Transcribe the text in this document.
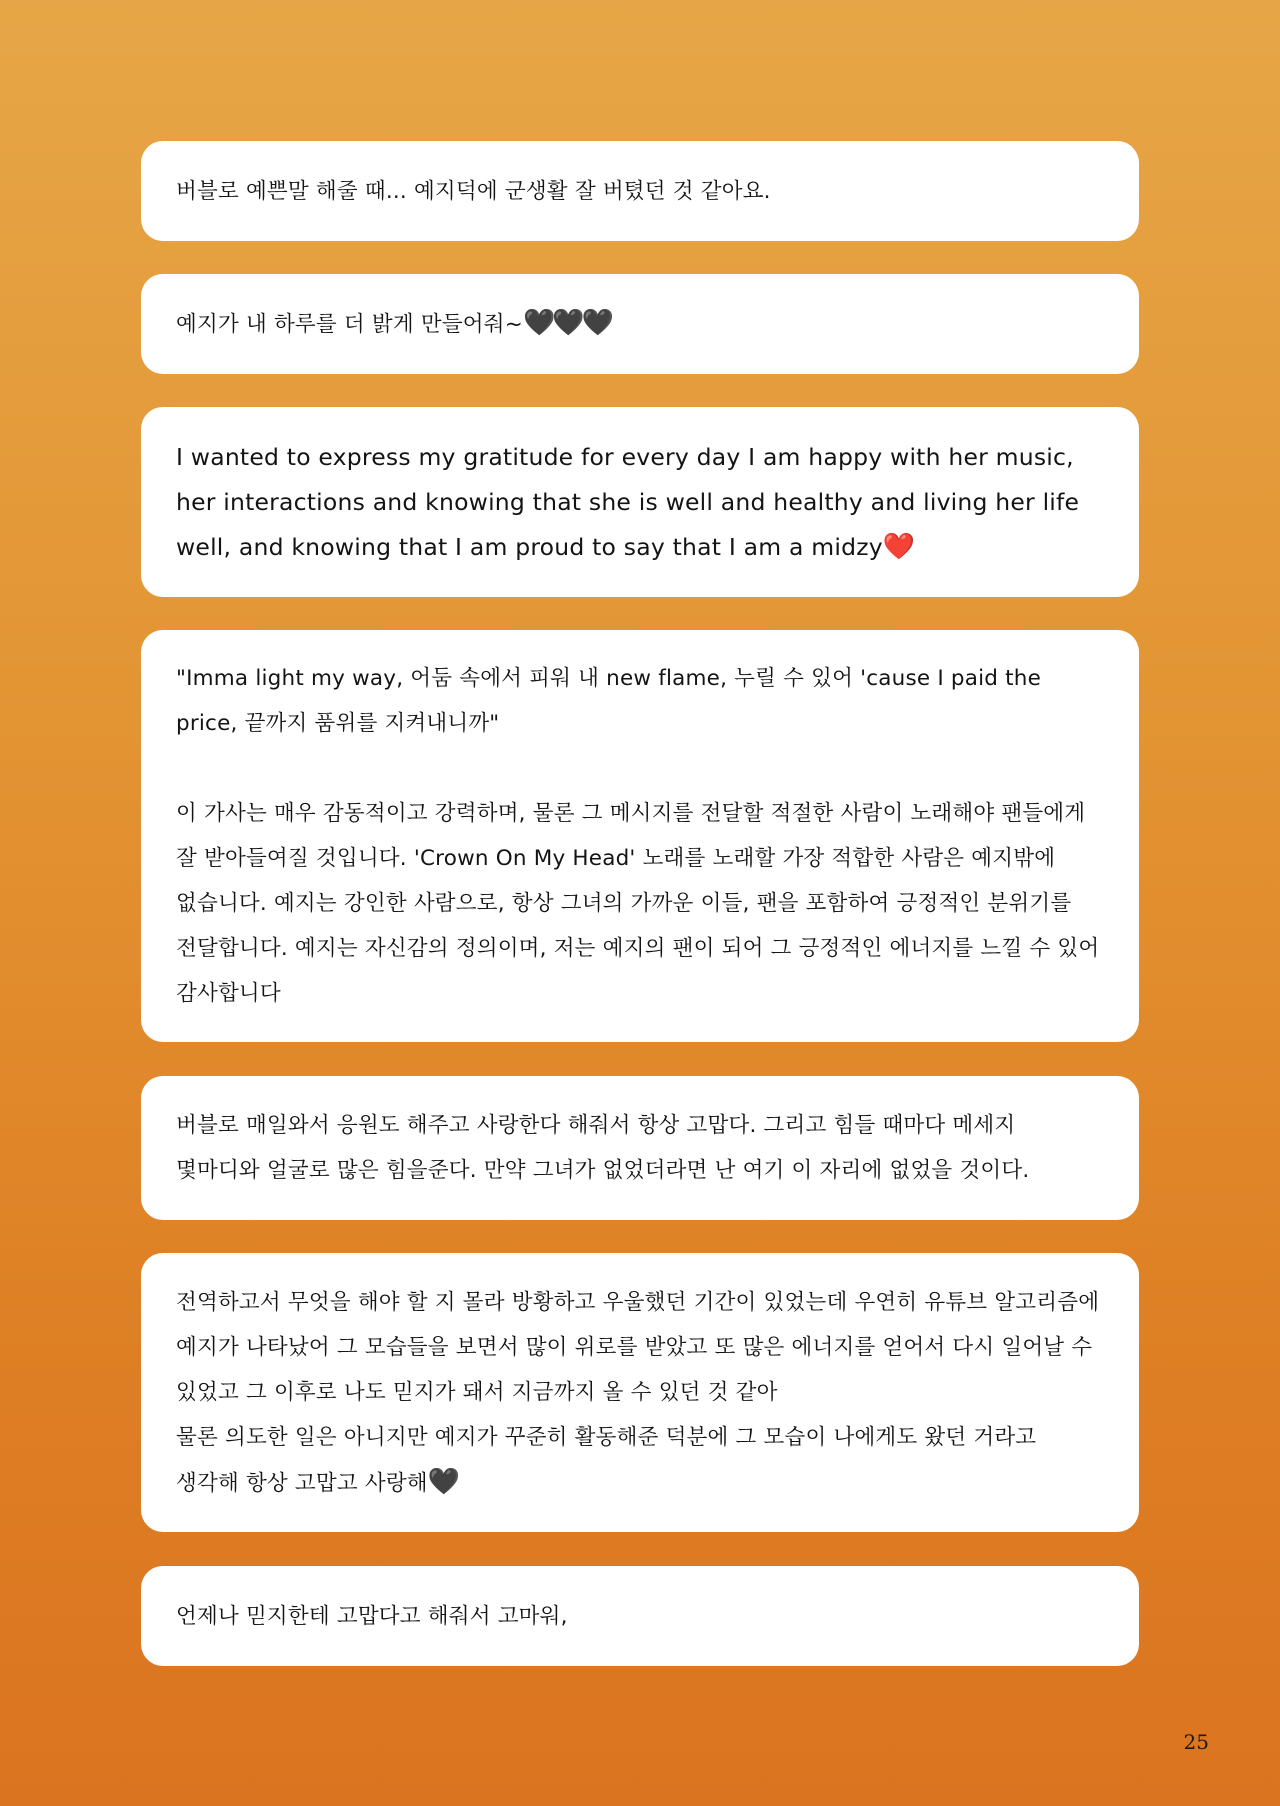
버블로 예쁜말 해줄 때... 예지덕에 군생활 잘 버텼던 것 같아요.
예지가 내 하루를 더 밝게 만들어줘~🖤🖤🖤
I wanted to express my gratitude for every day I am happy with her music, her interactions and knowing that she is well and healthy and living her life well, and knowing that I am proud to say that I am a midzy❤️
"Imma light my way, 어둠 속에서 피워 내 new flame, 누릴 수 있어 'cause I paid the price, 끝까지 품위를 지켜내니까"
이 가사는 매우 감동적이고 강력하며, 물론 그 메시지를 전달할 적절한 사람이 노래해야 팬들에게 잘 받아들여질 것입니다. 'Crown On My Head' 노래를 노래할 가장 적합한 사람은 예지밖에 없습니다. 예지는 강인한 사람으로, 항상 그녀의 가까운 이들, 팬을 포함하여 긍정적인 분위기를 전달합니다. 예지는 자신감의 정의이며, 저는 예지의 팬이 되어 그 긍정적인 에너지를 느낄 수 있어 감사합니다
버블로 매일와서 응원도 해주고 사랑한다 해줘서 항상 고맙다. 그리고 힘들 때마다 메세지 몇마디와 얼굴로 많은 힘을준다. 만약 그녀가 없었더라면 난 여기 이 자리에 없었을 것이다.
전역하고서 무엇을 해야 할 지 몰라 방황하고 우울했던 기간이 있었는데 우연히 유튜브 알고리즘에 예지가 나타났어 그 모습들을 보면서 많이 위로를 받았고 또 많은 에너지를 얻어서 다시 일어날 수 있었고 그 이후로 나도 믿지가 돼서 지금까지 올 수 있던 것 같아
물론 의도한 일은 아니지만 예지가 꾸준히 활동해준 덕분에 그 모습이 나에게도 왔던 거라고 생각해 항상 고맙고 사랑해🖤
언제나 믿지한테 고맙다고 해줘서 고마워,
25
